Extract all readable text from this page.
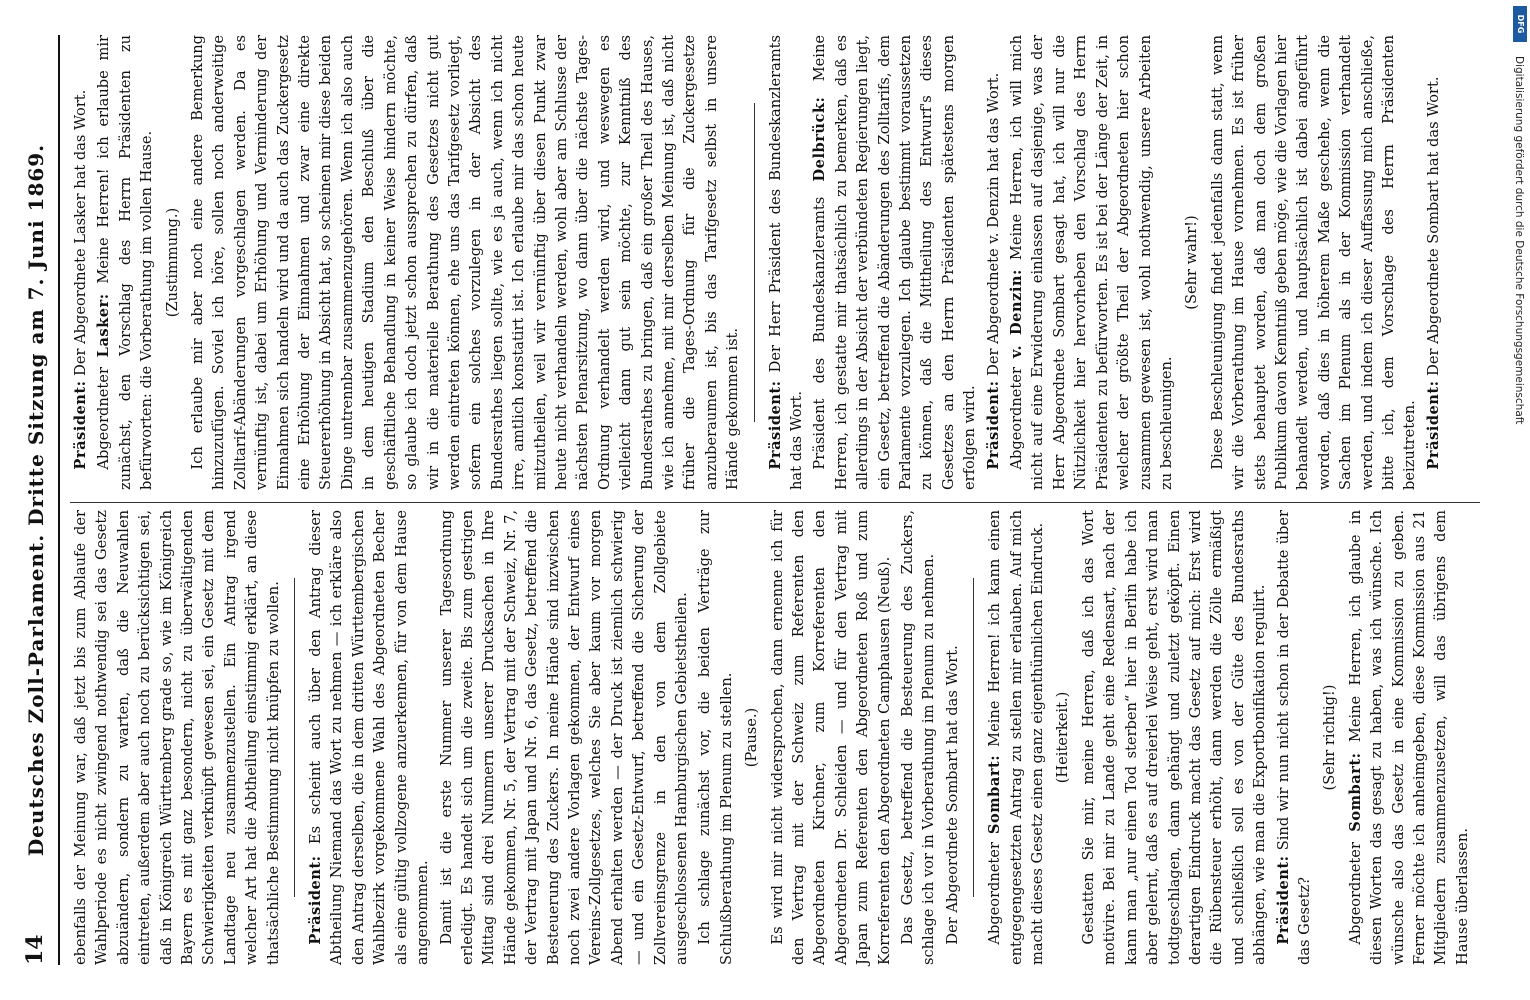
14
Deutsches Zoll-Parlament. Dritte Sitzung am 7. Juni 1869. ebenfalls der Meinung war, daß jetzt bis zum Ablaufe der Wahlperiode es nicht zwingend nothwendig sei das Gesetz abzuändern, sondern zu warten, daß die Neuwahlen eintreten, außerdem aber auch noch zu berücksichtigen sei, daß in Königreich Württemberg grade so, wie im Königreich Bayern es mit ganz besondern, nicht zu überwältigenden Schwierigkeiten verknüpft gewesen sei, ein Gesetz mit dem Landtage neu zusammenzustellen. Ein Antrag irgend welcher Art hat die Abtheilung einstimmig erklärt, an diese thatsächliche Bestimmung nicht knüpfen zu wollen. Präsident: Es scheint auch über den Antrag dieser Abtheilung Niemand das Wort zu nehmen — ich erkläre also den Antrag derselben, die in dem dritten Württembergischen Wahlbezirk vorgekommene Wahl des Abgeordneten Becher als eine gültig vollzogene anzuerkennen, für von dem Hause angenommen. Damit ist die erste Nummer unserer Tagesordnung erledigt. Es handelt sich um die zweite. Bis zum gestrigen Mittag sind drei Nummern unserer Drucksachen in Ihre Hände gekommen, Nr. 5, der Vertrag mit der Schweiz, Nr. 7, der Vertrag mit Japan und Nr. 6, das Gesetz, betreffend die Besteuerung des Zuckers. In meine Hände sind inzwischen noch zwei andere Vorlagen gekommen, der Entwurf eines Vereins-Zollgesetzes, welches Sie aber kaum vor morgen Abend erhalten werden — der Druck ist ziemlich schwierig — und ein Gesetz-Entwurf, betreffend die Sicherung der Zollvereinsgrenze in den von dem Zollgebiete ausgeschlossenen Hamburgischen Gebietstheilen. Ich schlage zunächst vor, die beiden Verträge zur Schlußberathung im Plenum zu stellen. (Pause.) Es wird mir nicht widersprochen, dann ernenne ich für den Vertrag mit der Schweiz zum Referenten den Abgeordneten Kirchner, zum Korreferenten den Abgeordneten Dr. Schleiden — und für den Vertrag mit Japan zum Referenten den Abgeordneten Roß und zum Korreferenten den Abgeordneten Camphausen (Neuß). Das Gesetz, betreffend die Besteuerung des Zuckers, schlage ich vor in Vorberathung im Plenum zu nehmen. Der Abgeordnete Sombart hat das Wort. Abgeordneter Sombart: Meine Herren! ich kann einen entgegengesetzten Antrag zu stellen mir erlauben. Auf mich macht dieses Gesetz einen ganz eigenthümlichen Eindruck. (Heiterkeit.) Gestatten Sie mir, meine Herren, daß ich das Wort motivire. Bei mir zu Lande geht eine Redensart, nach der kann man „nur einen Tod sterben“ hier in Berlin habe ich aber gelernt, daß es auf dreierlei Weise geht, erst wird man todtgeschlagen, dann gehängt und zuletzt geköpft. Einen derartigen Eindruck macht das Gesetz auf mich: Erst wird die Rübensteuer erhöht, dann werden die Zölle ermäßigt und schließlich soll es von der Güte des Bundesraths abhängen, wie man die Exportbonifikation regulirt. Präsident: Sind wir nun nicht schon in der Debatte über das Gesetz?

(Sehr richtig!)

Abgeordneter Sombart: Meine Herren, ich glaube in diesen Worten das gesagt zu haben, was ich wünsche. Ich wünsche also das Gesetz in eine Kommission zu geben. Ferner möchte ich anheimgeben, diese Kommission aus 21 Mitgliedern zusammenzusetzen, will das übrigens dem Hause überlassen.

Präsident: Der Abgeordnete Lasker hat das Wort.

Abgeordneter Lasker: Meine Herren! ich erlaube mir zunächst, den Vorschlag des Herrn Präsidenten zu befürworten: die Vorberathung im vollen Hause. (Zustimmung.) Ich erlaube mir aber noch eine andere Bemerkung hinzuzufügen. Soviel ich höre, sollen noch anderweitige Zolltarif-Abänderungen vorgeschlagen werden. Da es vernünftig ist, dabei um Erhöhung und Verminderung der Einnahmen sich handeln wird und da auch das Zuckergesetz eine Erhöhung der Einnahmen und zwar eine direkte Steuererhöhung in Absicht hat, so scheinen mir diese beiden Dinge untrennbar zusammenzugehören. Wenn ich also auch in dem heutigen Stadium den Beschluß über die geschäftliche Behandlung in keiner Weise hindern möchte, so glaube ich doch jetzt schon aussprechen zu dürfen, daß wir in die materielle Berathung des Gesetzes nicht gut werden eintreten können, ehe uns das Tarifgesetz vorliegt, sofern ein solches vorzulegen in der Absicht des Bundesrathes liegen sollte, wie es ja auch, wenn ich nicht irre, amtlich konstatirt ist. Ich erlaube mir das schon heute mitzutheilen, weil wir vernünftig über diesen Punkt zwar heute nicht verhandeln werden, wohl aber am Schlusse der nächsten Plenarsitzung, wo dann über die nächste Tages-Ordnung verhandelt werden wird, und weswegen es vielleicht dann gut sein möchte, zur Kenntniß des Bundesrathes zu bringen, daß ein großer Theil des Hauses, wie ich annehme, mit mir derselben Meinung ist, daß nicht früher die Tages-Ordnung für die Zuckergesetze anzuberaumen ist, bis das Tarifgesetz selbst in unsere Hände gekommen ist. Präsident: Der Herr Präsident des Bundeskanzleramts hat das Wort. Präsident des Bundeskanzleramts Delbrück: Meine Herren, ich gestatte mir thatsächlich zu bemerken, daß es allerdings in der Absicht der verbündeten Regierungen liegt, ein Gesetz, betreffend die Abänderungen des Zolltarifs, dem Parlamente vorzulegen. Ich glaube bestimmt voraussetzen zu können, daß die Mittheilung des Entwurf's dieses Gesetzes an den Herrn Präsidenten spätestens morgen erfolgen wird. Präsident: Der Abgeordnete v. Denzin hat das Wort.

Abgeordneter v. Denzin: Meine Herren, ich will mich nicht auf eine Erwiderung einlassen auf dasjenige, was der Herr Abgeordnete Sombart gesagt hat, ich will nur die Nützlichkeit hier hervorheben den Vorschlag des Herrn Präsidenten zu befürworten. Es ist bei der Länge der Zeit, in welcher der größte Theil der Abgeordneten hier schon zusammen gewesen ist, wohl nothwendig, unsere Arbeiten zu beschleunigen.

(Sehr wahr!) Diese Beschleunigung findet jedenfalls dann statt, wenn wir die Vorberathung im Hause vornehmen. Es ist früher stets behauptet worden, daß man doch dem großen Publikum davon Kenntniß geben möge, wie die Vorlagen hier behandelt werden, und hauptsächlich ist dabei angeführt worden, daß dies in höherem Maße geschehe, wenn die Sachen im Plenum als in der Kommission verhandelt werden, und indem ich dieser Auffassung mich anschließe, bitte ich, dem Vorschlage des Herrn Präsidenten beizutreten. Präsident: Der Abgeordnete Sombart hat das Wort.

DFG
Digitalisierung gefördert durch die Deutsche Forschungsgemeinschaft
